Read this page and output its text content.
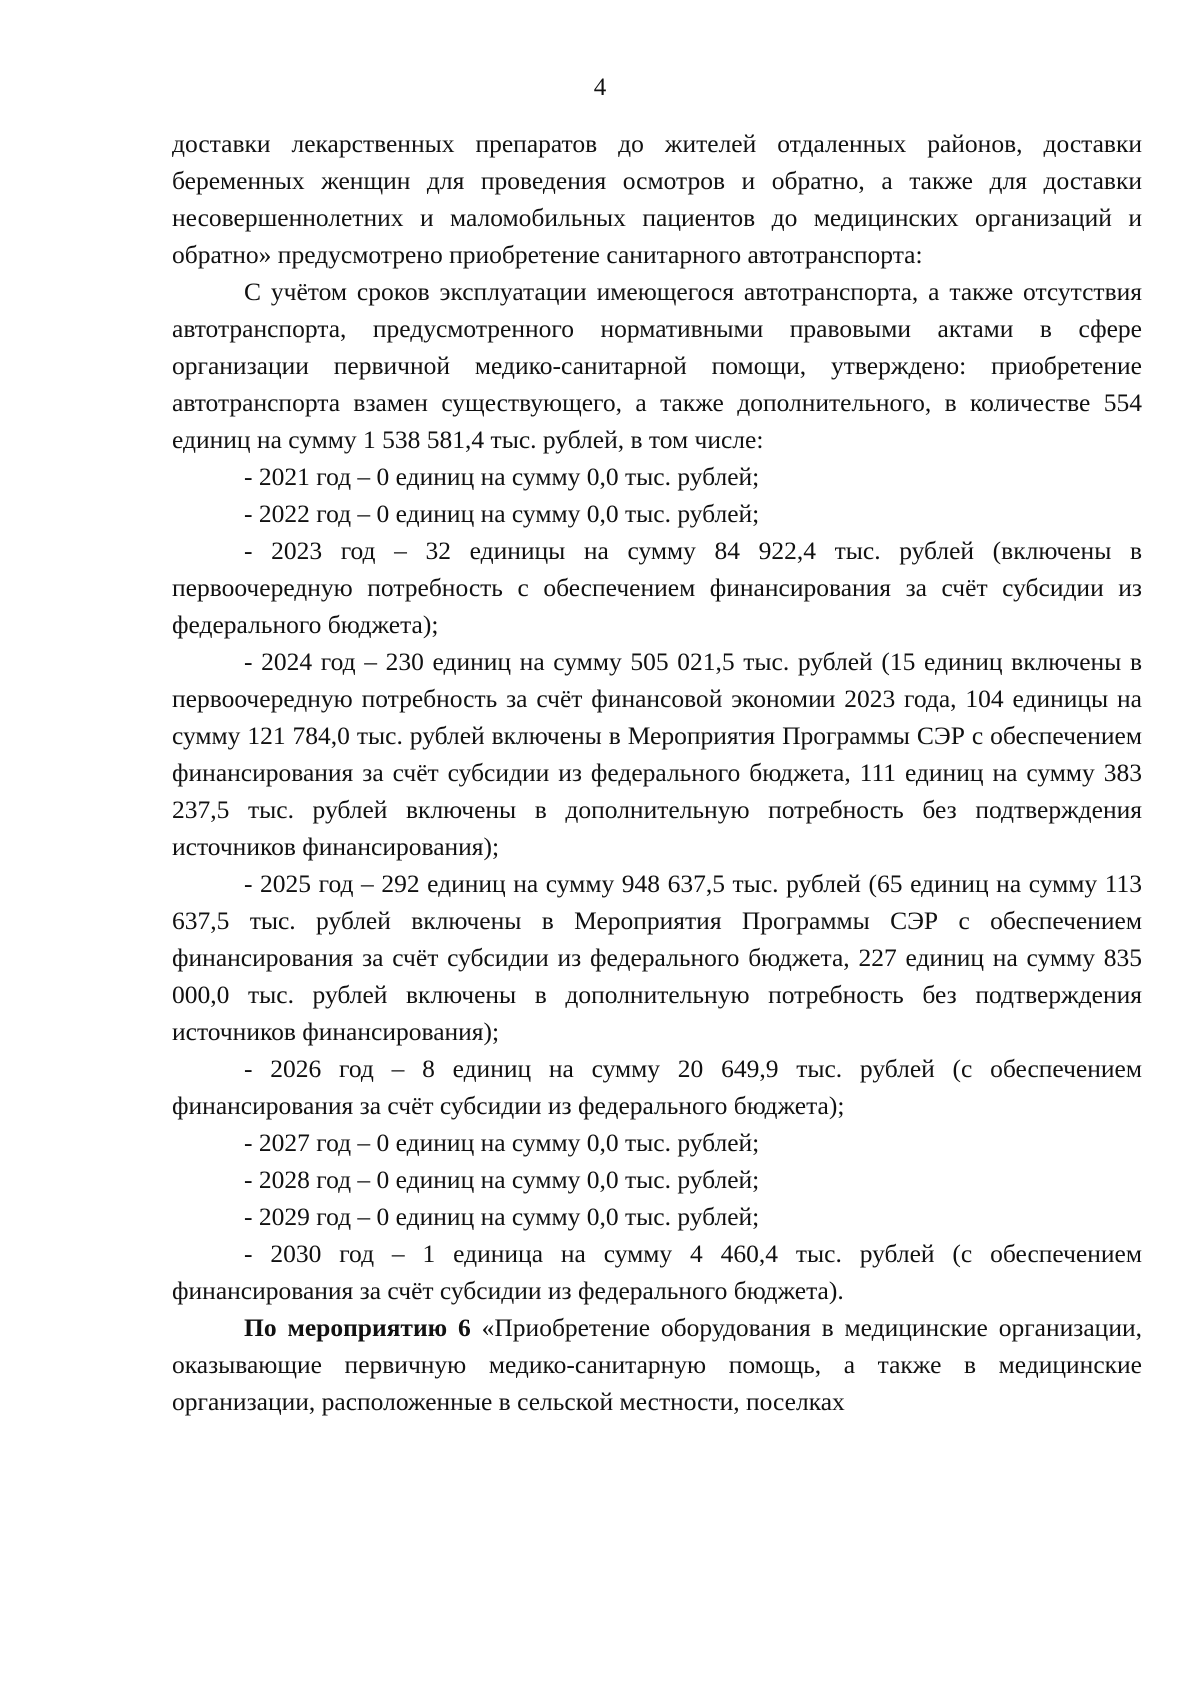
4

доставки лекарственных препаратов до жителей отдаленных районов, доставки беременных женщин для проведения осмотров и обратно, а также для доставки несовершеннолетних и маломобильных пациентов до медицинских организаций и обратно» предусмотрено приобретение санитарного автотранспорта:

С учётом сроков эксплуатации имеющегося автотранспорта, а также отсутствия автотранспорта, предусмотренного нормативными правовыми актами в сфере организации первичной медико-санитарной помощи, утверждено: приобретение автотранспорта взамен существующего, а также дополнительного, в количестве 554 единиц на сумму 1 538 581,4 тыс. рублей, в том числе:

- 2021 год – 0 единиц на сумму 0,0 тыс. рублей;

- 2022 год – 0 единиц на сумму 0,0 тыс. рублей;

- 2023 год – 32 единицы на сумму 84 922,4 тыс. рублей (включены в первоочередную потребность с обеспечением финансирования за счёт субсидии из федерального бюджета);

- 2024 год – 230 единиц на сумму 505 021,5 тыс. рублей (15 единиц включены в первоочередную потребность за счёт финансовой экономии 2023 года, 104 единицы на сумму 121 784,0 тыс. рублей включены в Мероприятия Программы СЭР с обеспечением финансирования за счёт субсидии из федерального бюджета, 111 единиц на сумму 383 237,5 тыс. рублей включены в дополнительную потребность без подтверждения источников финансирования);

- 2025 год – 292 единиц на сумму 948 637,5 тыс. рублей (65 единиц на сумму 113 637,5 тыс. рублей включены в Мероприятия Программы СЭР с обеспечением финансирования за счёт субсидии из федерального бюджета, 227 единиц на сумму 835 000,0 тыс. рублей включены в дополнительную потребность без подтверждения источников финансирования);

- 2026 год – 8 единиц на сумму 20 649,9 тыс. рублей (с обеспечением финансирования за счёт субсидии из федерального бюджета);

- 2027 год – 0 единиц на сумму 0,0 тыс. рублей;

- 2028 год – 0 единиц на сумму 0,0 тыс. рублей;

- 2029 год – 0 единиц на сумму 0,0 тыс. рублей;

- 2030 год – 1 единица на сумму 4 460,4 тыс. рублей (с обеспечением финансирования за счёт субсидии из федерального бюджета).

По мероприятию 6 «Приобретение оборудования в медицинские организации, оказывающие первичную медико-санитарную помощь, а также в медицинские организации, расположенные в сельской местности, поселках
